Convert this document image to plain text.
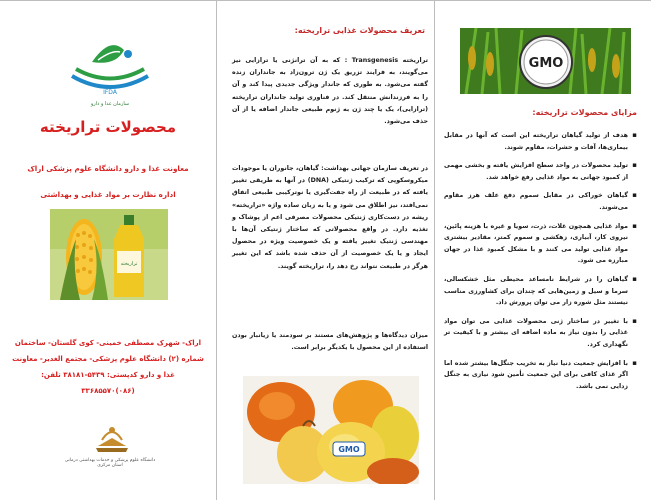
IFDA
سازمان غذا و دارو
محصولات تراریخته
معاونت غذا و دارو دانشگاه علوم پزشکی اراک
اداره نظارت بر مواد غذایی و بهداشتی
تراریخته
اراک- شهرک مصطفی خمینی- کوی گلستان- ساختمان
شماره (۲) دانشگاه علوم پزشکی- مجتمع الغدیر- معاونت
غذا و دارو کدپستی: ۵۴۳۹-۳۸۱۸۱ تلفن:
(۰۸۶)۳۳۶۸۵۵۷۰
دانشگاه علوم پزشکی و خدمات بهداشتی درمانی استان مرکزی
تعریف محصولات غذایی تراریخته:
تراریخته Transgenesis : که به آن ترانژنی یا ترازایی نیز می‌گویند، به فرایند تزریق یک ژن ترون‌زاد به جانداران زنده گفته می‌شود. به طوری که جاندار ویژگی جدیدی پیدا کند و آن را به فرزندانش منتقل کند. در فناوری تولید جانداران تراریخته (ترازایی)، یک یا چند ژن به ژنوم طبیعی جاندار اضافه یا از آن حذف می‌شود.
در تعریف سازمان جهانی بهداشت: گیاهان، جانوران یا موجودات میکروسکوپی که ترکیب ژنتیکی (DNA) در آنها به طریقی تغییر یافته که در طبیعت از راه جفت‌گیری یا نوترکیبی طبیعی اتفاق نمی‌افتد، نیز اطلاق می شود و یا به زبان ساده واژه «تراریخته» ریشه در دست‌کاری ژنتیکی محصولات مصرفی اعم از پوشاک و تغذیه دارد. در واقع محصولاتی که ساختار ژنتیکی آن‌ها با مهندسی ژنتیک تغییر یافته و یک خصوصیت ویژه در محصول ایجاد و یا یک خصوصیت از آن حذف شده باشد که این تغییر هرگز در طبیعت نتواند رخ دهد را، تراریخته گویند.
میزان دیدگاه‌ها و پژوهش‌های مستند بر سودمند یا زیانبار بودن استفاده از این محصول با یکدیگر برابر است.
GMO
GMO
مزایای محصولات تراریخته:
▪ هدف از تولید گیاهان تراریخته این است که آنها در مقابل بیماری‌ها، آفات و حشرات، مقاوم شوند.
▪ تولید محصولات در واحد سطح افزایش یافته و بخشی مهمی از کمبود جهانی به مواد غذایی رفع خواهد شد.
▪ گیاهان خوراکی در مقابل سموم دفع علف هرز مقاوم می‌شوند.
▪ مواد غذایی همچون غلات، ذرت، سویا و غیره با هزینه پائین، نیروی کار، آبیاری، زهکشی و سموم کمتر، مقادیر بیشتری مواد غذایی تولید می کنند و با مشکل کمبود غذا در جهان مبارزه می شود.
▪ گیاهان را در شرایط نامساعد محیطی مثل خشکسالی، سرما و سیل و زمین‌هایی که چندان برای کشاورزی مناسب نیستند مثل شوره زار می توان پرورش داد.
▪ با تغییر در ساختار ژنی محصولات غذایی می توان مواد غذایی را بدون نیاز به ماده اضافه ای بیشتر و با کیفیت تر نگهداری کرد.
▪ با افزایش جمعیت دنیا نیاز به تخریب جنگل‌ها بیشتر شده اما اگر غذای کافی برای این جمعیت تأمین شود نیازی به جنگل زدایی نمی باشد.
